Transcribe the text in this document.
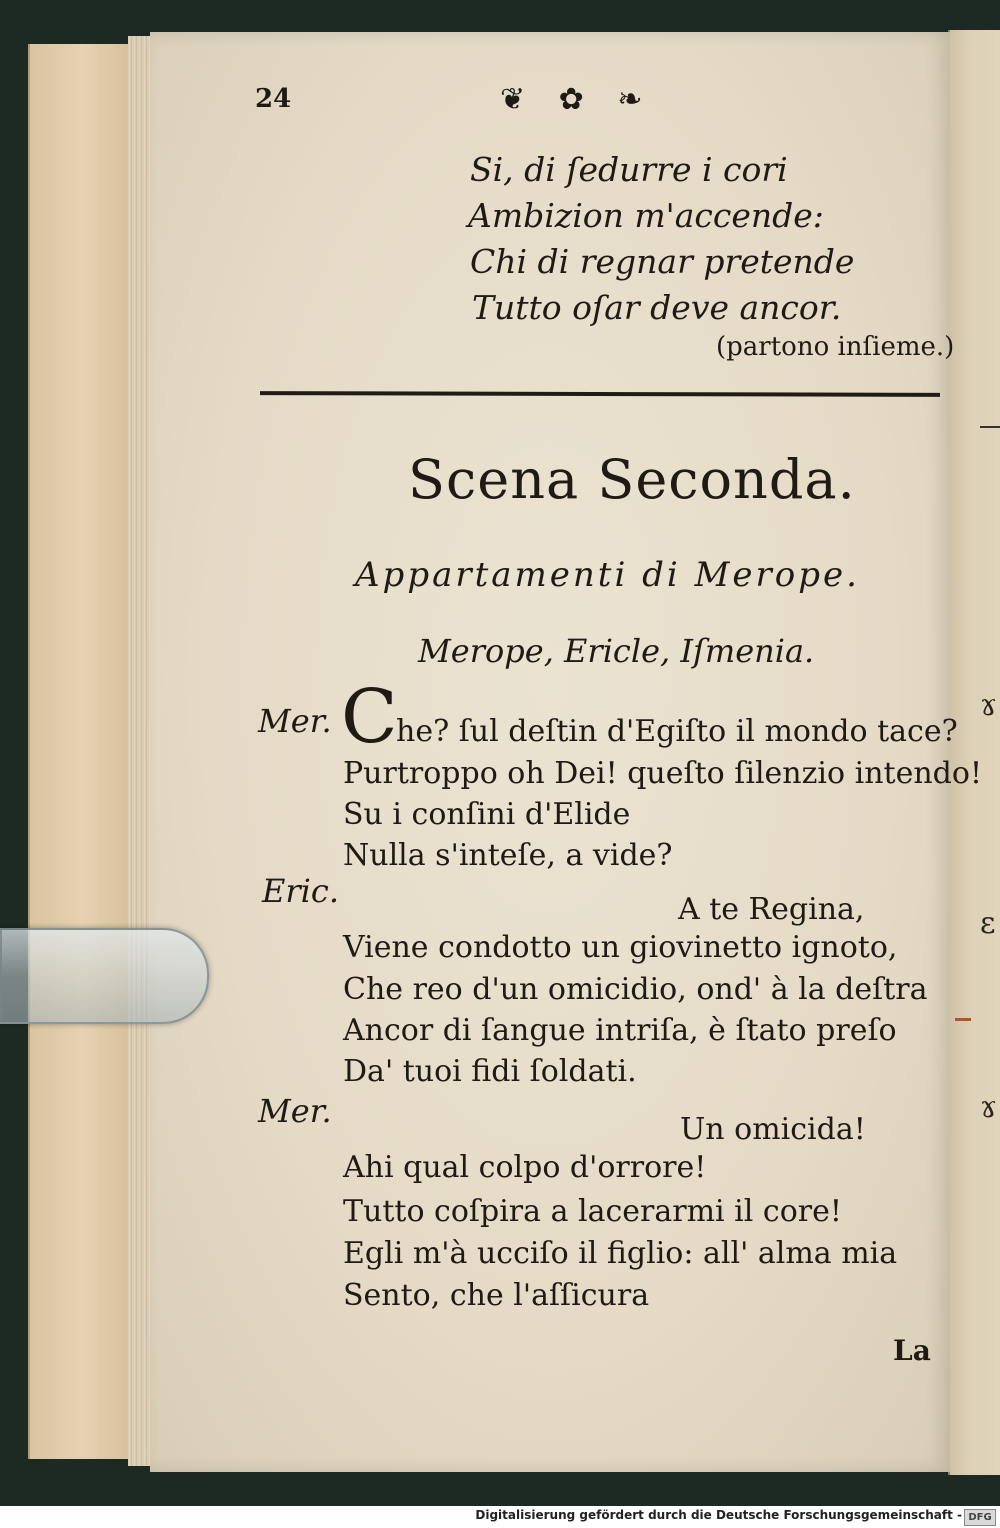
ɤ
ɛ
ɤ
24	❦ ✿ ❧
Si, di ſedurre i cori
Ambizion m'accende:
Chi di regnar pretende
Tutto oſar deve ancor.
(partono inſieme.)
Scena Seconda.
Appartamenti di Merope.
Merope, Ericle, Iſmenia.
Mer. C
he? ſul deſtin d'Egiſto il mondo tace?
Purtroppo oh Dei! queſto ſilenzio intendo!
Su i conſini d'Elide
Nulla s'inteſe, a vide?
Eric.	A te Regina,
Viene condotto un giovinetto ignoto,
Che reo d'un omicidio, ond' à la deſtra
Ancor di ſangue intriſa, è ſtato preſo
Da' tuoi fidi ſoldati.
Mer.	Un omicida!
Ahi qual colpo d'orrore!
Tutto coſpira a lacerarmi il core!
Egli m'à ucciſo il figlio: all' alma mia
Sento, che l'aſſicura
La
Digitalisierung gefördert durch die Deutsche Forschungsgemeinschaft - DFG
